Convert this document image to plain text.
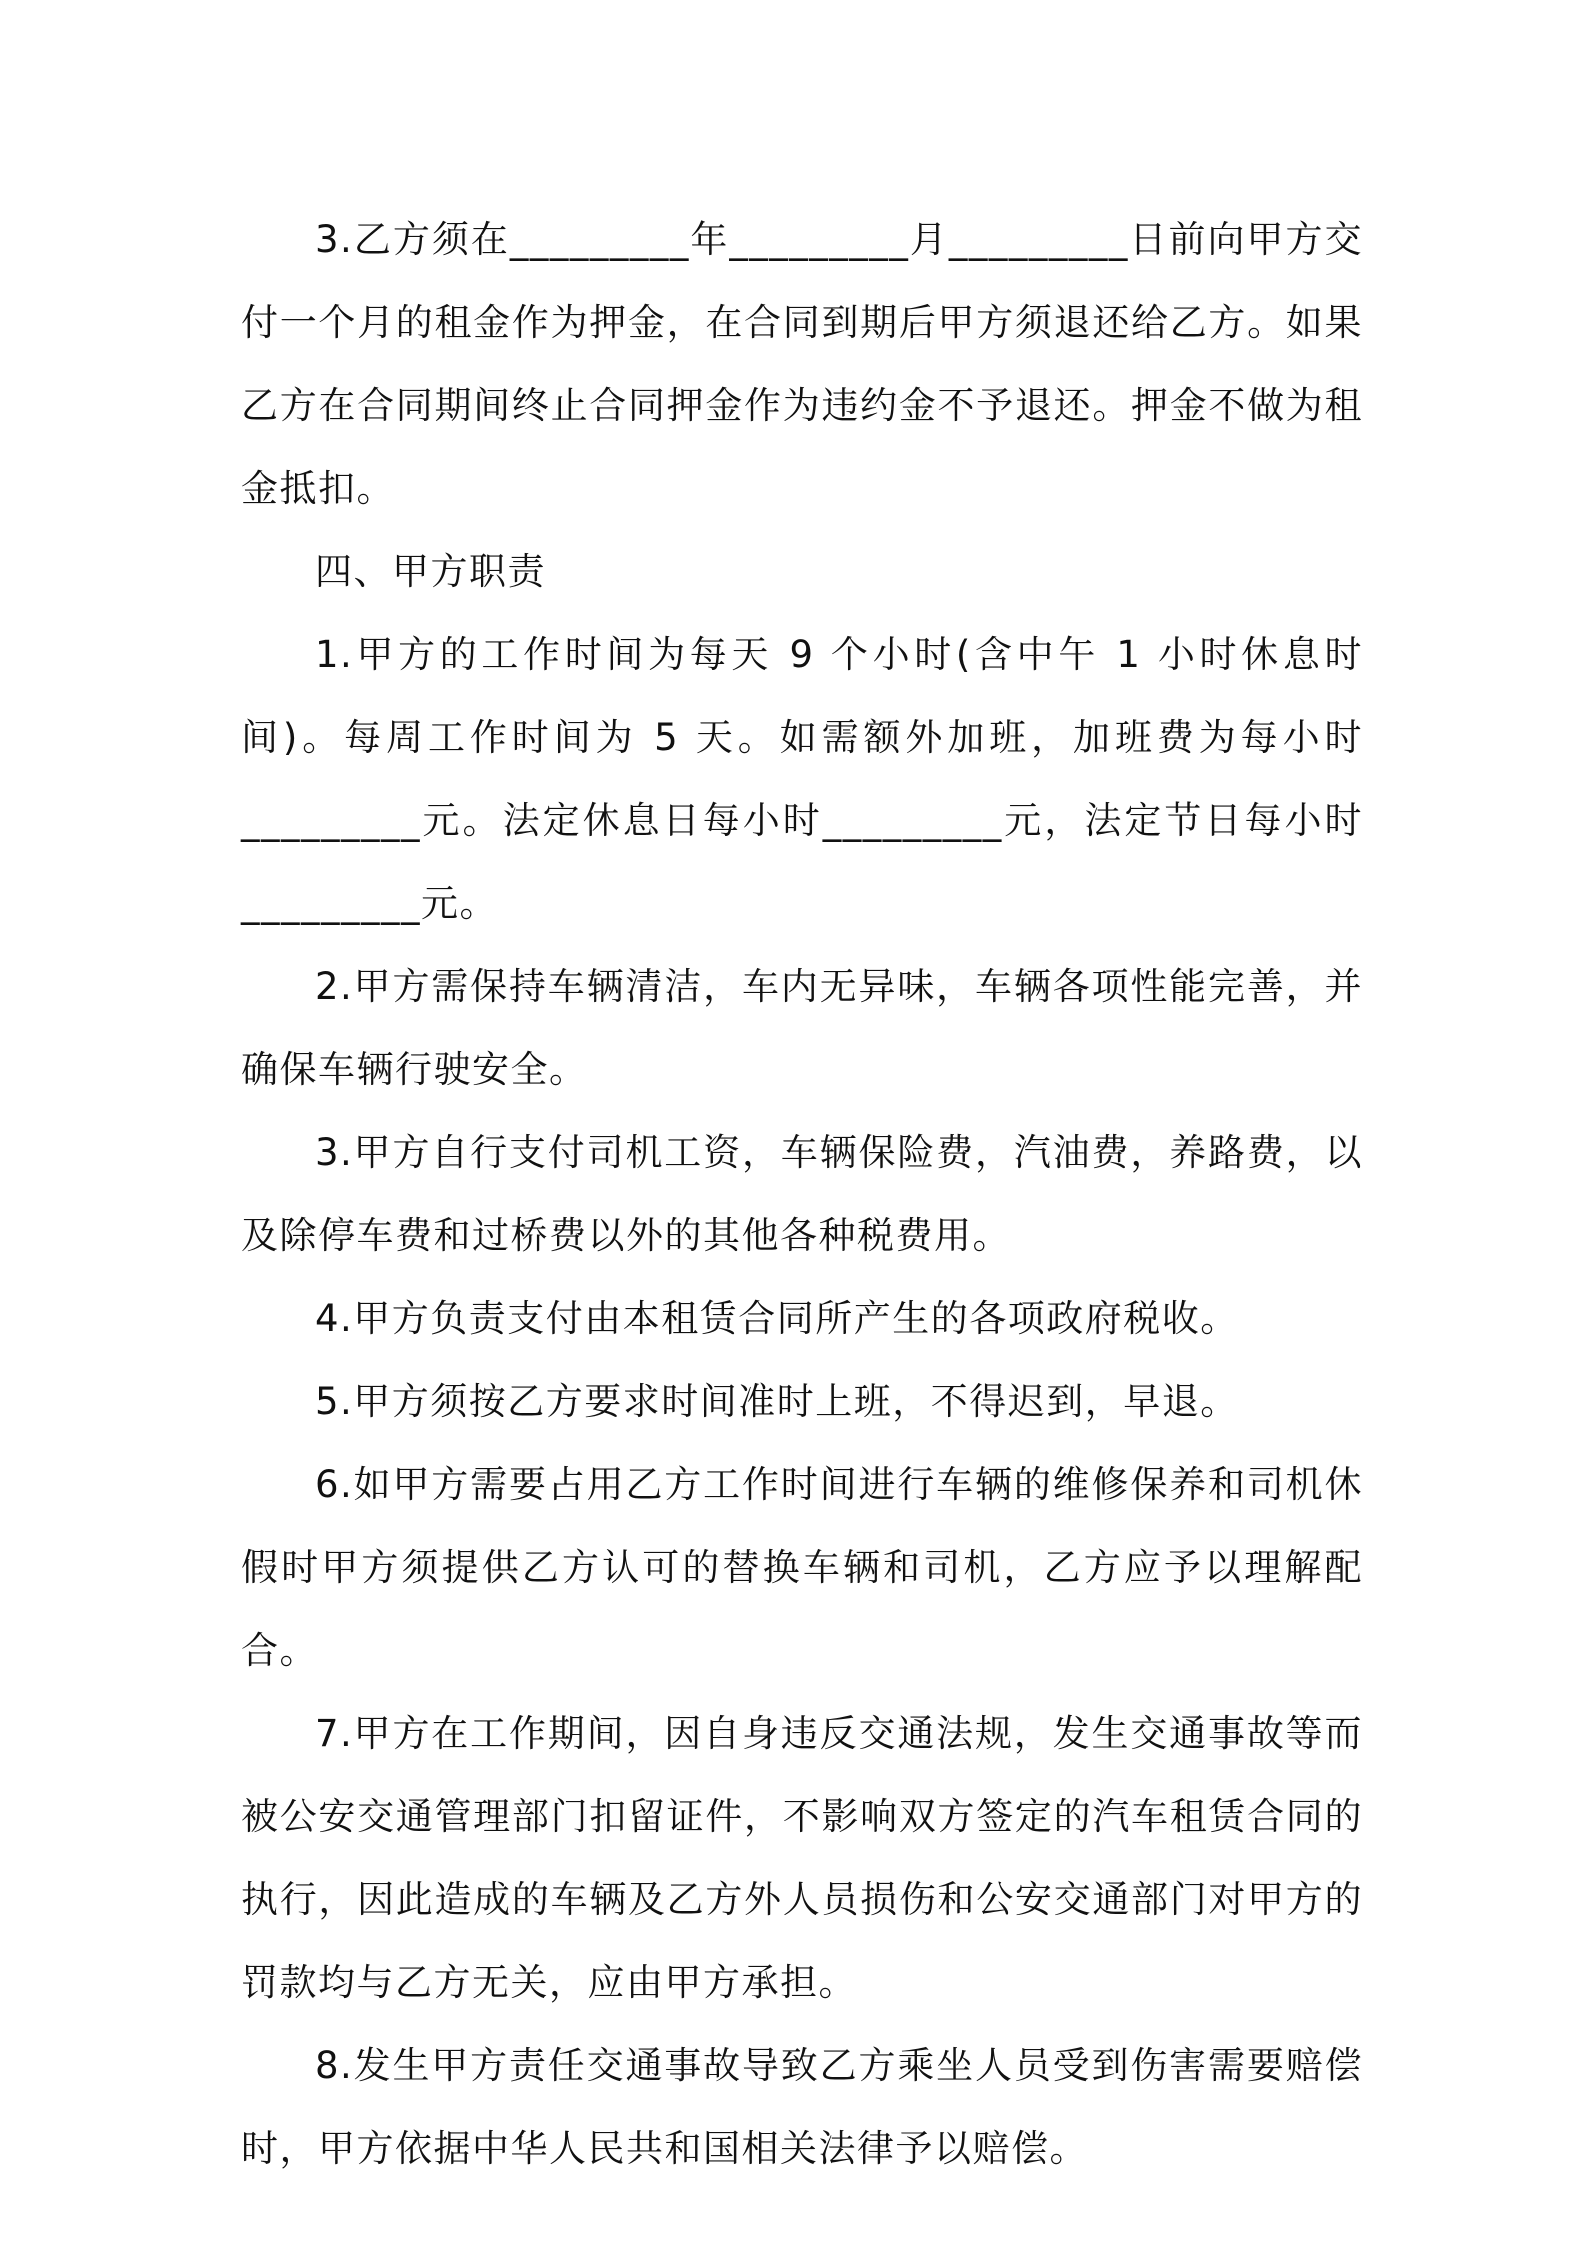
3.乙方须在_________年_________月_________日前向甲方交付一个月的租金作为押金，在合同到期后甲方须退还给乙方。如果乙方在合同期间终止合同押金作为违约金不予退还。押金不做为租金抵扣。

四、甲方职责

1.甲方的工作时间为每天 9 个小时(含中午 1 小时休息时间)。每周工作时间为 5 天。如需额外加班，加班费为每小时_________元。法定休息日每小时_________元，法定节日每小时_________元。

2.甲方需保持车辆清洁，车内无异味，车辆各项性能完善，并确保车辆行驶安全。

3.甲方自行支付司机工资，车辆保险费，汽油费，养路费，以及除停车费和过桥费以外的其他各种税费用。

4.甲方负责支付由本租赁合同所产生的各项政府税收。

5.甲方须按乙方要求时间准时上班，不得迟到，早退。

6.如甲方需要占用乙方工作时间进行车辆的维修保养和司机休假时甲方须提供乙方认可的替换车辆和司机，乙方应予以理解配合。

7.甲方在工作期间，因自身违反交通法规，发生交通事故等而被公安交通管理部门扣留证件，不影响双方签定的汽车租赁合同的执行，因此造成的车辆及乙方外人员损伤和公安交通部门对甲方的罚款均与乙方无关，应由甲方承担。

8.发生甲方责任交通事故导致乙方乘坐人员受到伤害需要赔偿时，甲方依据中华人民共和国相关法律予以赔偿。
